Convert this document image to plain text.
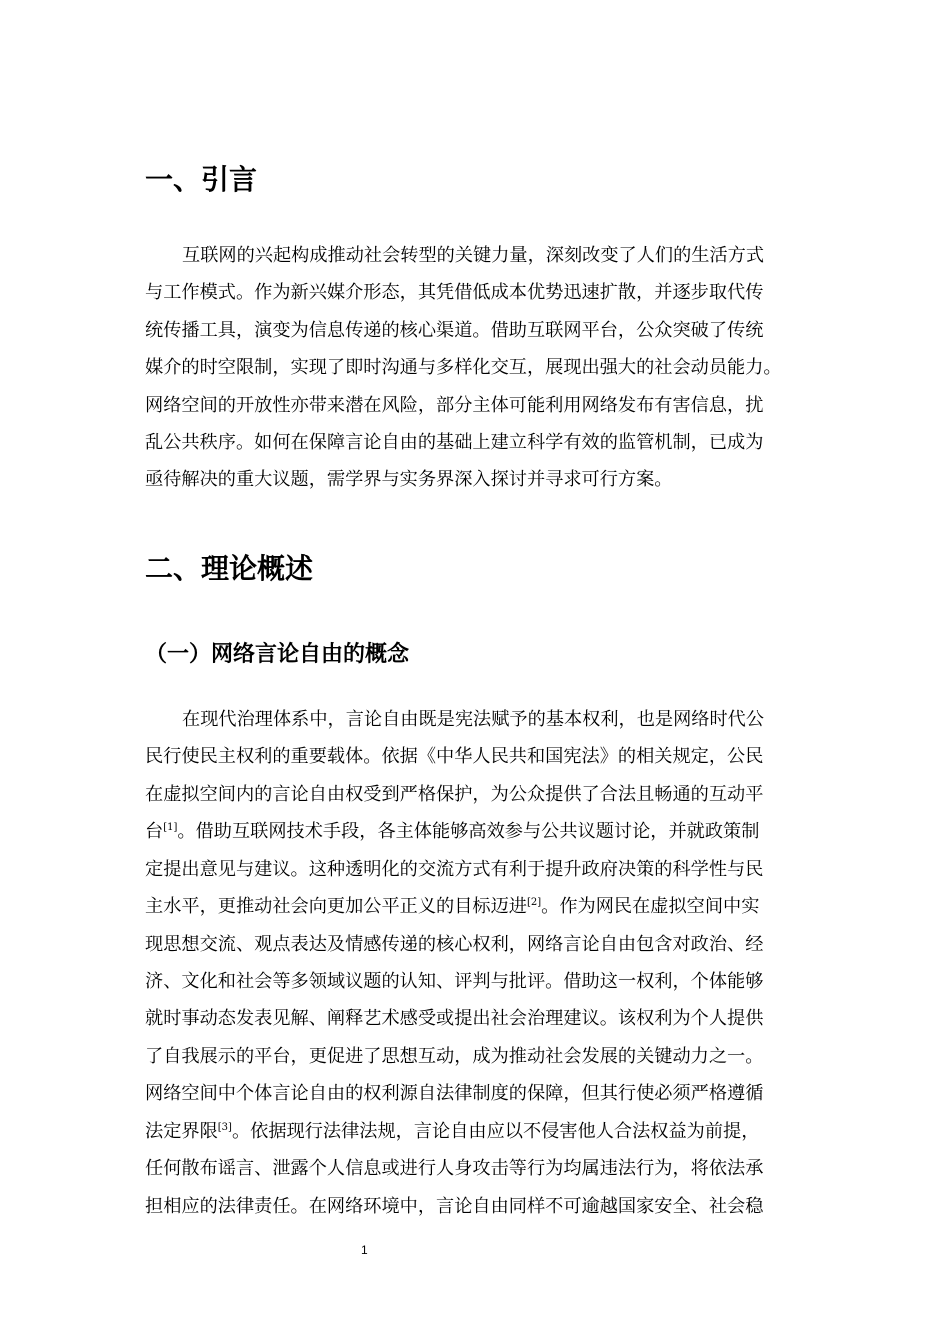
一、引言

互联网的兴起构成推动社会转型的关键力量，深刻改变了人们的生活方式

与工作模式。作为新兴媒介形态，其凭借低成本优势迅速扩散，并逐步取代传

统传播工具，演变为信息传递的核心渠道。借助互联网平台，公众突破了传统

媒介的时空限制，实现了即时沟通与多样化交互，展现出强大的社会动员能力。

网络空间的开放性亦带来潜在风险，部分主体可能利用网络发布有害信息，扰

乱公共秩序。如何在保障言论自由的基础上建立科学有效的监管机制，已成为

亟待解决的重大议题，需学界与实务界深入探讨并寻求可行方案。

二、理论概述
（一）网络言论自由的概念

在现代治理体系中，言论自由既是宪法赋予的基本权利，也是网络时代公

民行使民主权利的重要载体。依据《中华人民共和国宪法》的相关规定，公民

在虚拟空间内的言论自由权受到严格保护，为公众提供了合法且畅通的互动平

台[1]。借助互联网技术手段，各主体能够高效参与公共议题讨论，并就政策制

定提出意见与建议。这种透明化的交流方式有利于提升政府决策的科学性与民

主水平，更推动社会向更加公平正义的目标迈进[2]。作为网民在虚拟空间中实

现思想交流、观点表达及情感传递的核心权利，网络言论自由包含对政治、经

济、文化和社会等多领域议题的认知、评判与批评。借助这一权利，个体能够

就时事动态发表见解、阐释艺术感受或提出社会治理建议。该权利为个人提供

了自我展示的平台，更促进了思想互动，成为推动社会发展的关键动力之一。

网络空间中个体言论自由的权利源自法律制度的保障，但其行使必须严格遵循

法定界限[3]。依据现行法律法规，言论自由应以不侵害他人合法权益为前提，

任何散布谣言、泄露个人信息或进行人身攻击等行为均属违法行为，将依法承

担相应的法律责任。在网络环境中，言论自由同样不可逾越国家安全、社会稳

1
